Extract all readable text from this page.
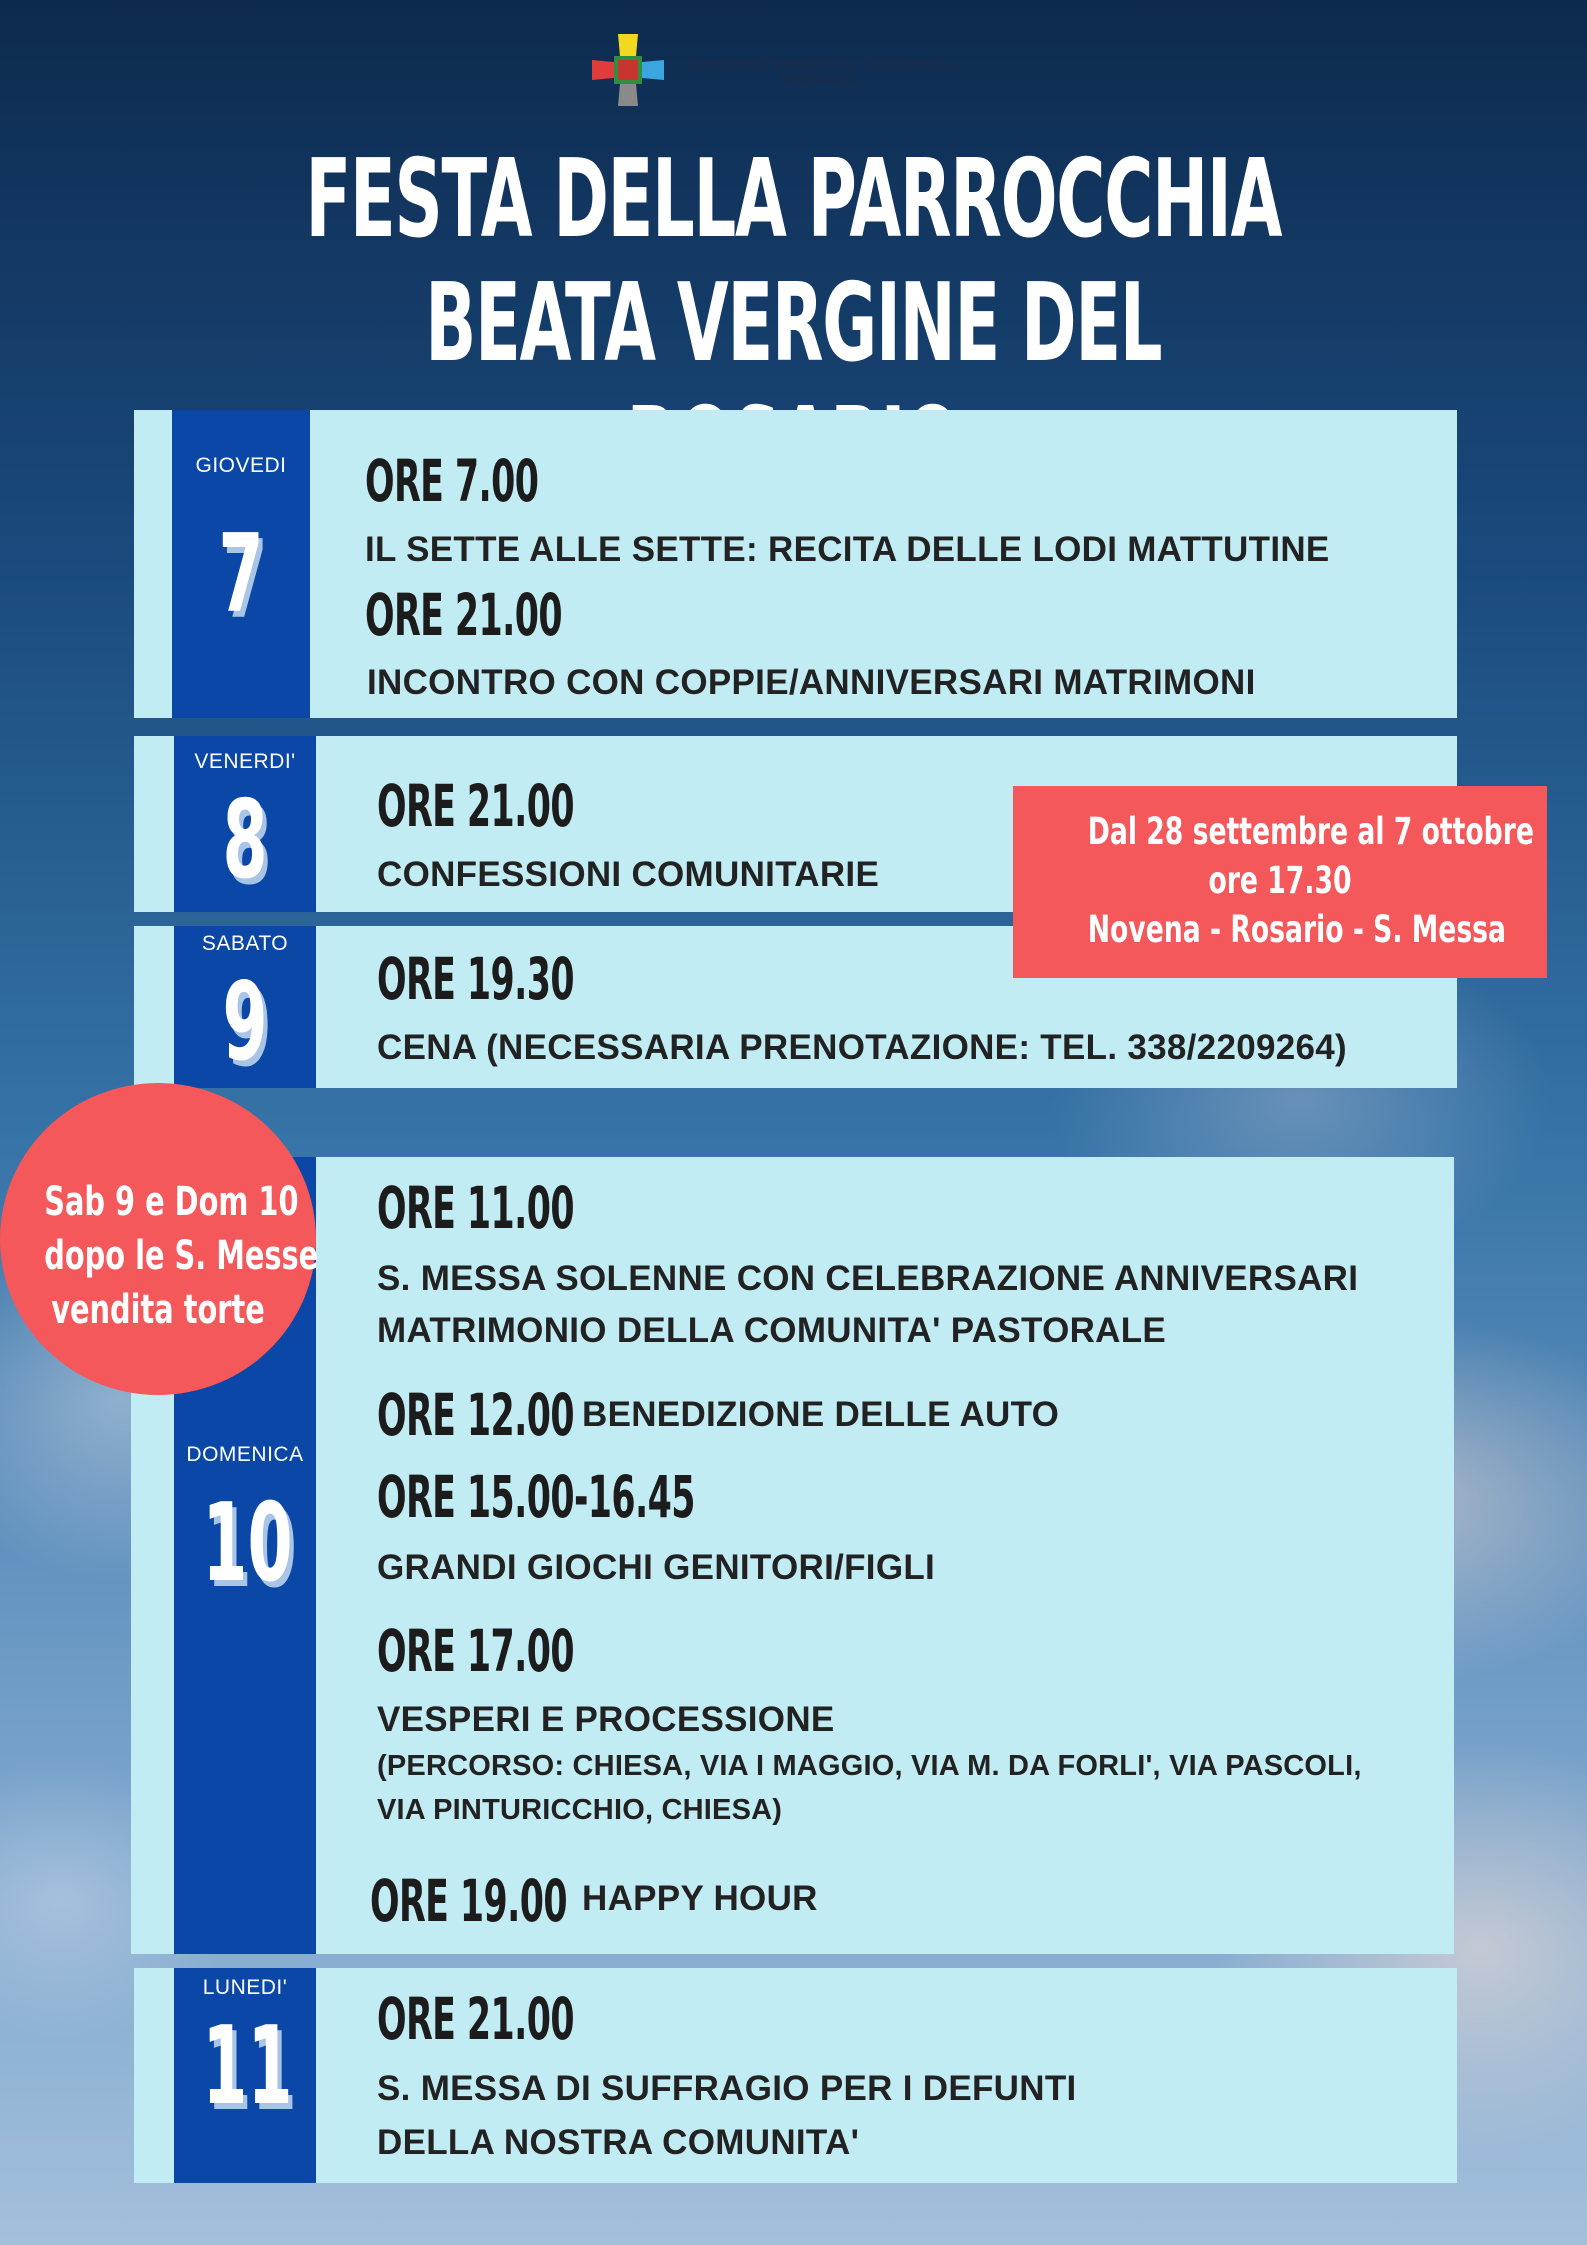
COMUNITÀ PASTORALE SAN ROCCO
MEDIGLIA
FESTA DELLA PARROCCHIA
BEATA VERGINE DEL
GIOVEDI
7
ORE 7.00
IL SETTE ALLE SETTE: RECITA DELLE LODI MATTUTINE
ORE 21.00
INCONTRO CON COPPIE/ANNIVERSARI MATRIMONI
VENERDI'
8	ORE 21.00
CONFESSIONI COMUNITARIE
SABATO
9	ORE 19.30
CENA (NECESSARIA PRENOTAZIONE: TEL. 338/2209264)
Dal 28 settembre al 7 ottobre
ore 17.30
Novena - Rosario - S. Messa
DOMENICA
10
ORE 11.00
S. MESSA SOLENNE CON CELEBRAZIONE ANNIVERSARI
MATRIMONIO DELLA COMUNITA' PASTORALE
ORE 12.00 BENEDIZIONE DELLE AUTO
ORE 15.00-16.45
GRANDI GIOCHI GENITORI/FIGLI
ORE 17.00
VESPERI E PROCESSIONE
(PERCORSO: CHIESA, VIA I MAGGIO, VIA M. DA FORLI', VIA PASCOLI,
VIA PINTURICCHIO, CHIESA)
ORE 19.00 HAPPY HOUR
Sab 9 e Dom 10
dopo le S. Messe
vendita torte
LUNEDI'
11 ORE 21.00
S. MESSA DI SUFFRAGIO PER I DEFUNTI
DELLA NOSTRA COMUNITA'
